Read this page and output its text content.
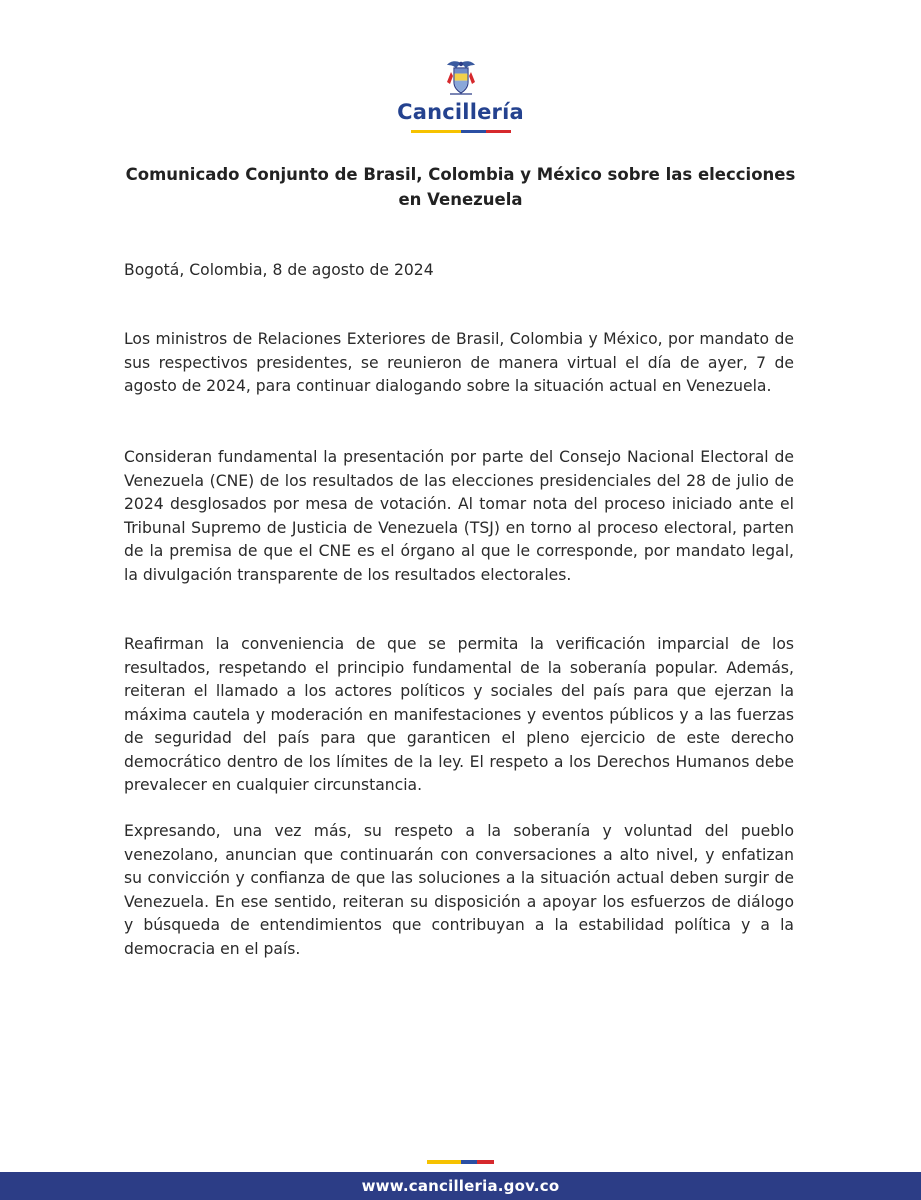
Cancillería
Comunicado Conjunto de Brasil, Colombia y México sobre las elecciones en Venezuela
Bogotá, Colombia, 8 de agosto de 2024

Los ministros de Relaciones Exteriores de Brasil, Colombia y México, por mandato de sus respectivos presidentes, se reunieron de manera virtual el día de ayer, 7 de agosto de 2024, para continuar dialogando sobre la situación actual en Venezuela.

Consideran fundamental la presentación por parte del Consejo Nacional Electoral de Venezuela (CNE) de los resultados de las elecciones presidenciales del 28 de julio de 2024 desglosados por mesa de votación. Al tomar nota del proceso iniciado ante el Tribunal Supremo de Justicia de Venezuela (TSJ) en torno al proceso electoral, parten de la premisa de que el CNE es el órgano al que le corresponde, por mandato legal, la divulgación transparente de los resultados electorales.

Reafirman la conveniencia de que se permita la verificación imparcial de los resultados, respetando el principio fundamental de la soberanía popular. Además, reiteran el llamado a los actores políticos y sociales del país para que ejerzan la máxima cautela y moderación en manifestaciones y eventos públicos y a las fuerzas de seguridad del país para que garanticen el pleno ejercicio de este derecho democrático dentro de los límites de la ley. El respeto a los Derechos Humanos debe prevalecer en cualquier circunstancia.

Expresando, una vez más, su respeto a la soberanía y voluntad del pueblo venezolano, anuncian que continuarán con conversaciones a alto nivel, y enfatizan su convicción y confianza de que las soluciones a la situación actual deben surgir de Venezuela. En ese sentido, reiteran su disposición a apoyar los esfuerzos de diálogo y búsqueda de entendimientos que contribuyan a la estabilidad política y a la democracia en el país.

www.cancilleria.gov.co
